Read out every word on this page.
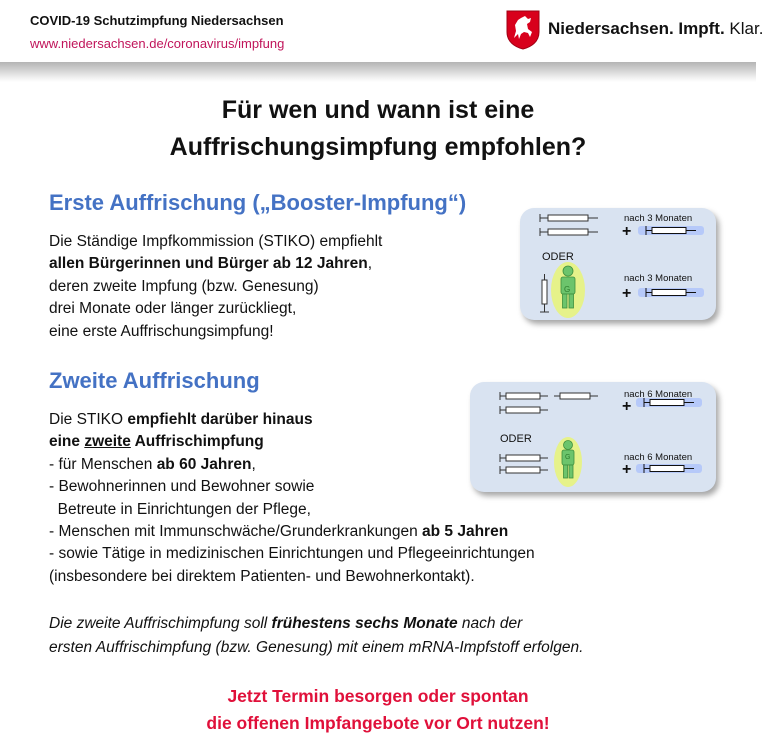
COVID-19 Schutzimpfung Niedersachsen
www.niedersachsen.de/coronavirus/impfung
Niedersachsen. Impft. Klar.
Für wen und wann ist eine
Auffrischungsimpfung empfohlen?
Erste Auffrischung („Booster-Impfung“)
Die Ständige Impfkommission (STIKO) empfiehlt
allen Bürgerinnen und Bürger ab 12 Jahren,
deren zweite Impfung (bzw. Genesung)
drei Monate oder länger zurückliegt,
eine erste Auffrischungsimpfung!
nach 3 Monaten
+
ODER
G
nach 3 Monaten
+
Zweite Auffrischung
Die STIKO empfiehlt darüber hinaus
eine zweite Auffrischimpfung
- für Menschen ab 60 Jahren,
- Bewohnerinnen und Bewohner sowie
Betreute in Einrichtungen der Pflege,
- Menschen mit Immunschwäche/Grunderkrankungen ab 5 Jahren
- sowie Tätige in medizinischen Einrichtungen und Pflegeeinrichtungen
(insbesondere bei direktem Patienten- und Bewohnerkontakt).
nach 6 Monaten
+
ODER
G	nach 6 Monaten
+
Die zweite Auffrischimpfung soll frühestens sechs Monate nach der
ersten Auffrischimpfung (bzw. Genesung) mit einem mRNA-Impfstoff erfolgen.
Jetzt Termin besorgen oder spontan
die offenen Impfangebote vor Ort nutzen!
